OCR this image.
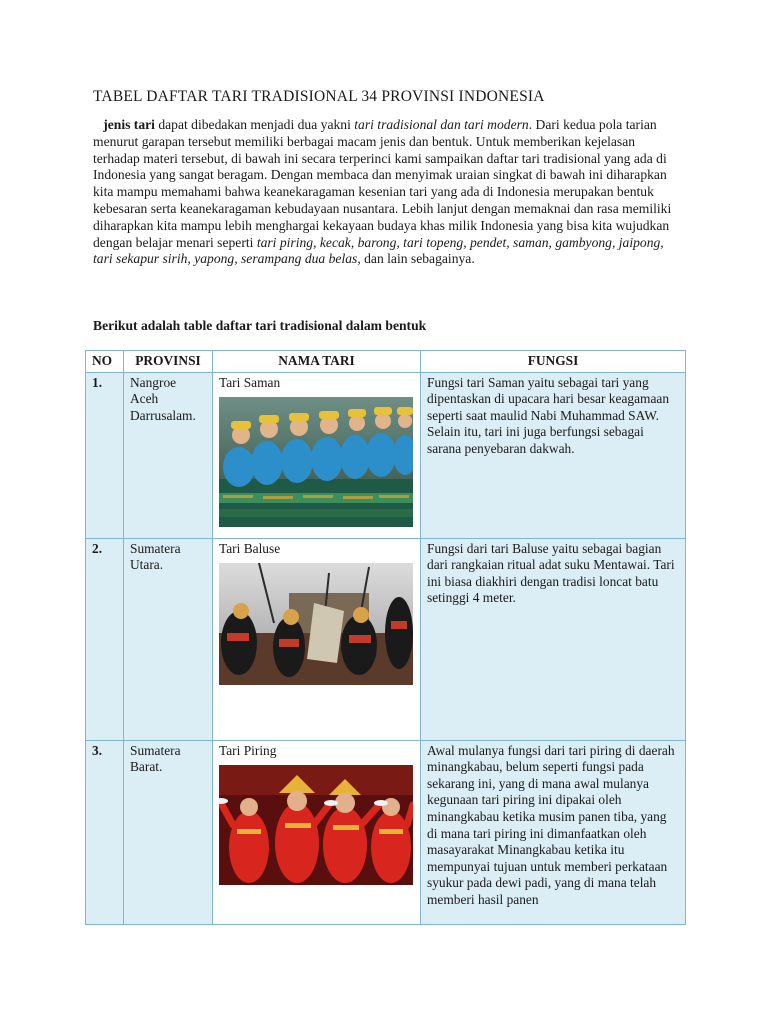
TABEL DAFTAR TARI TRADISIONAL 34 PROVINSI INDONESIA

jenis tari dapat dibedakan menjadi dua yakni tari tradisional dan tari modern. Dari kedua pola tarian menurut garapan tersebut memiliki berbagai macam jenis dan bentuk. Untuk memberikan kejelasan terhadap materi tersebut, di bawah ini secara terperinci kami sampaikan daftar tari tradisional yang ada di Indonesia yang sangat beragam. Dengan membaca dan menyimak uraian singkat di bawah ini diharapkan kita mampu memahami bahwa keanekaragaman kesenian tari yang ada di Indonesia merupakan bentuk kebesaran serta keanekaragaman kebudayaan nusantara. Lebih lanjut dengan memaknai dan rasa memiliki diharapkan kita mampu lebih menghargai kekayaan budaya khas milik Indonesia yang bisa kita wujudkan dengan belajar menari seperti tari piring, kecak, barong, tari topeng, pendet, saman, gambyong, jaipong, tari sekapur sirih, yapong, serampang dua belas, dan lain sebagainya.

Berikut adalah table daftar tari tradisional dalam bentuk

NO	PROVINSI	NAMA TARI	FUNGSI
1.	Nangroe Aceh Darrusalam.	Tari Saman	Fungsi tari Saman yaitu sebagai tari yang dipentaskan di upacara hari besar keagamaan seperti saat maulid Nabi Muhammad SAW. Selain itu, tari ini juga berfungsi sebagai sarana penyebaran dakwah.
2.	Sumatera Utara.	Tari Baluse	Fungsi dari tari Baluse yaitu sebagai bagian dari rangkaian ritual adat suku Mentawai. Tari ini biasa diakhiri dengan tradisi loncat batu setinggi 4 meter.
3.	Sumatera Barat.	Tari Piring	Awal mulanya fungsi dari tari piring di daerah minangkabau, belum seperti fungsi pada sekarang ini, yang di mana awal mulanya kegunaan tari piring ini dipakai oleh minangkabau ketika musim panen tiba, yang di mana tari piring ini dimanfaatkan oleh masayarakat Minangkabau ketika itu mempunyai tujuan untuk memberi perkataan syukur pada dewi padi, yang di mana telah memberi hasil panen
